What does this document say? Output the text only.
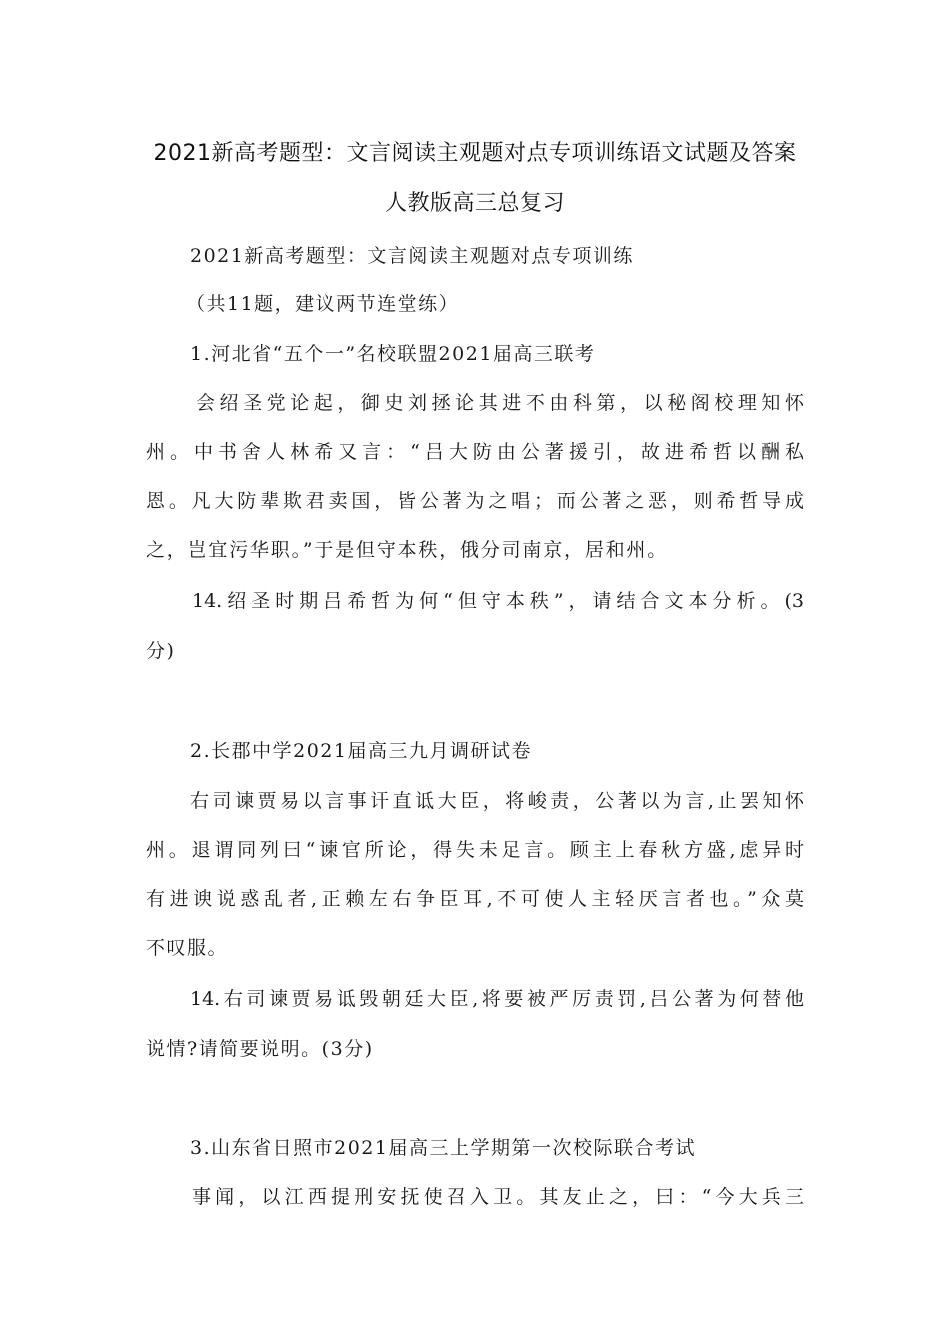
2021新高考题型：文言阅读主观题对点专项训练语文试题及答案
人教版高三总复习
2021新高考题型：文言阅读主观题对点专项训练
（共11题，建议两节连堂练）
1.河北省“五个一”名校联盟2021届高三联考
会绍圣党论起，御史刘拯论其进不由科第，以秘阁校理知怀
州。中书舍人林希又言：“吕大防由公著援引，故进希哲以酬私
恩。凡大防辈欺君卖国，皆公著为之唱；而公著之恶，则希哲导成
之，岂宜污华职。”于是但守本秩，俄分司南京，居和州。
14.绍圣时期吕希哲为何“但守本秩”，请结合文本分析。(3
分)
2.长郡中学2021届高三九月调研试卷
右司谏贾易以言事讦直诋大臣，将峻责，公著以为言,止罢知怀
州。退谓同列曰“谏官所论，得失未足言。顾主上春秋方盛,虑异时
有进谀说惑乱者,正赖左右争臣耳,不可使人主轻厌言者也。”众莫
不叹服。
14.右司谏贾易诋毁朝廷大臣,将要被严厉责罚,吕公著为何替他
说情?请简要说明。(3分)
3.山东省日照市2021届高三上学期第一次校际联合考试
事闻，以江西提刑安抚使召入卫。其友止之，曰：“今大兵三
